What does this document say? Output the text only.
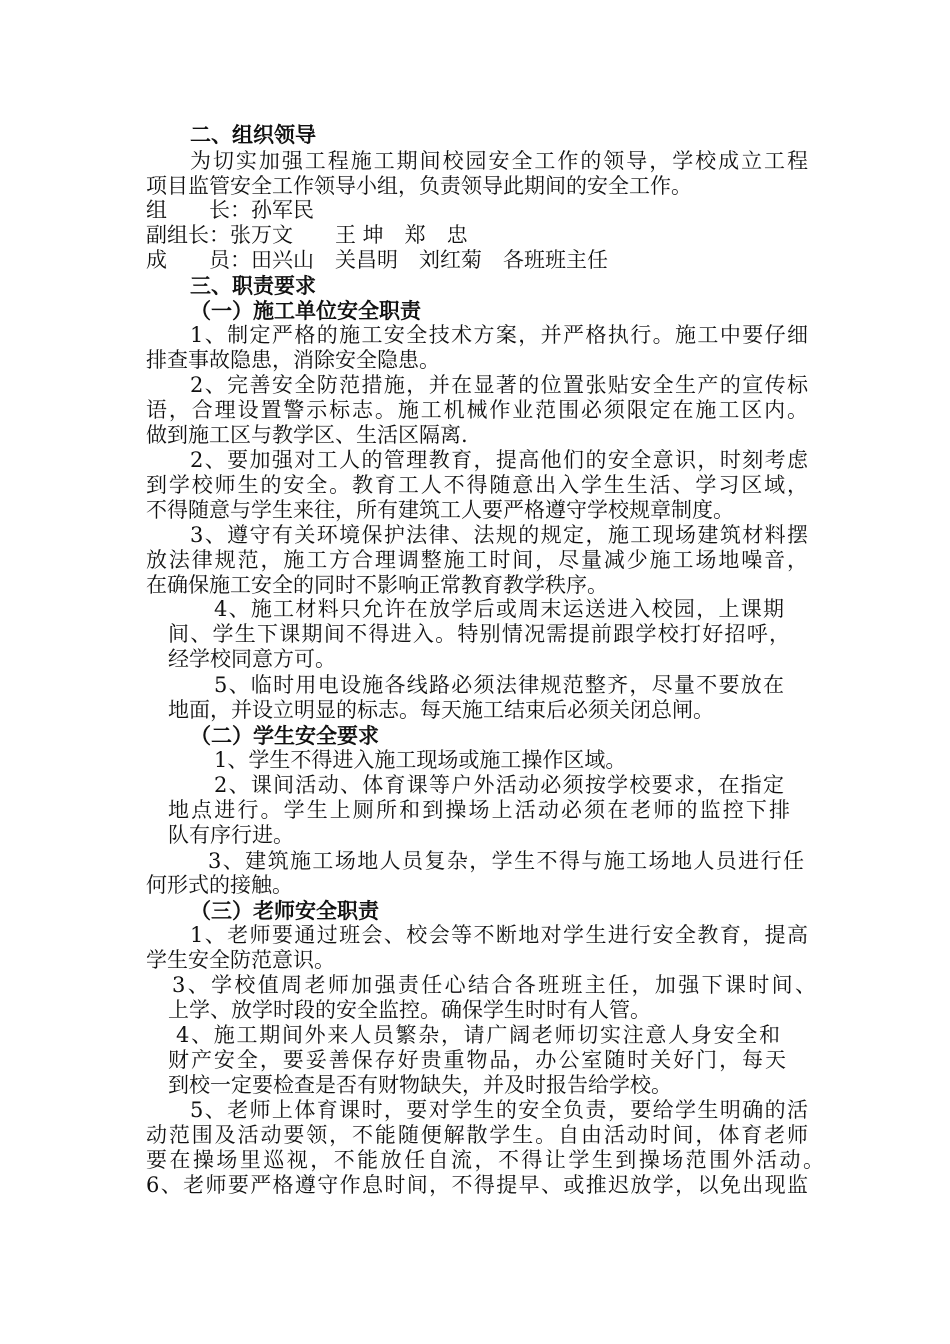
二、组织领导
为切实加强工程施工期间校园安全工作的领导，学校成立工程
项目监管安全工作领导小组，负责领导此期间的安全工作。
组　　长：孙军民
副组长：张万文　　王 坤　郑　忠
成　　员：田兴山　关昌明　刘红菊　各班班主任
三、职责要求
（一）施工单位安全职责
1、制定严格的施工安全技术方案，并严格执行。施工中要仔细
排查事故隐患，消除安全隐患。
2、完善安全防范措施，并在显著的位置张贴安全生产的宣传标
语，合理设置警示标志。施工机械作业范围必须限定在施工区内。
做到施工区与教学区、生活区隔离.
2、要加强对工人的管理教育，提高他们的安全意识，时刻考虑
到学校师生的安全。教育工人不得随意出入学生生活、学习区域，
不得随意与学生来往，所有建筑工人要严格遵守学校规章制度。
3、遵守有关环境保护法律、法规的规定，施工现场建筑材料摆
放法律规范，施工方合理调整施工时间，尽量减少施工场地噪音，
在确保施工安全的同时不影响正常教育教学秩序。
4、施工材料只允许在放学后或周末运送进入校园，上课期
间、学生下课期间不得进入。特别情况需提前跟学校打好招呼，
经学校同意方可。
5、临时用电设施各线路必须法律规范整齐，尽量不要放在
地面，并设立明显的标志。每天施工结束后必须关闭总闸。
（二）学生安全要求
1、学生不得进入施工现场或施工操作区域。
2、课间活动、体育课等户外活动必须按学校要求，在指定
地点进行。学生上厕所和到操场上活动必须在老师的监控下排
队有序行进。
3、建筑施工场地人员复杂，学生不得与施工场地人员进行任
何形式的接触。
（三）老师安全职责
1、老师要通过班会、校会等不断地对学生进行安全教育，提高
学生安全防范意识。
3、学校值周老师加强责任心结合各班班主任，加强下课时间、
上学、放学时段的安全监控。确保学生时时有人管。
4、施工期间外来人员繁杂，请广阔老师切实注意人身安全和
财产安全，要妥善保存好贵重物品，办公室随时关好门，每天
到校一定要检查是否有财物缺失，并及时报告给学校。
5、老师上体育课时，要对学生的安全负责，要给学生明确的活
动范围及活动要领，不能随便解散学生。自由活动时间，体育老师
要在操场里巡视，不能放任自流，不得让学生到操场范围外活动。
6、老师要严格遵守作息时间，不得提早、或推迟放学，以免出现监
